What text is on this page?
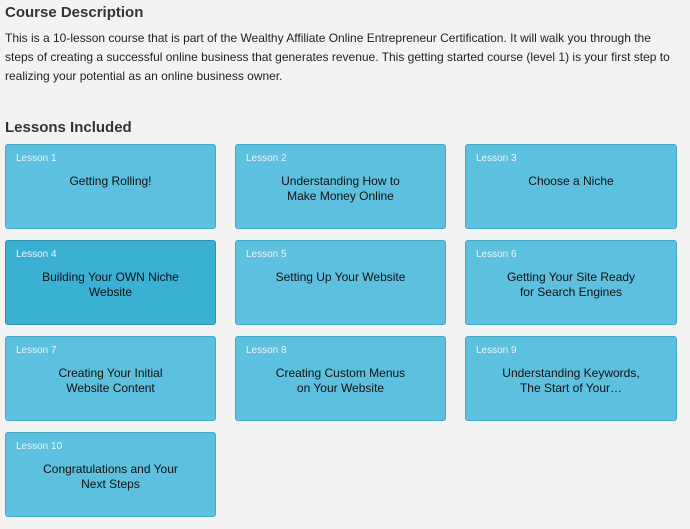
Course Description

This is a 10-lesson course that is part of the Wealthy Affiliate Online Entrepreneur Certification. It will walk you through the steps of creating a successful online business that generates revenue. This getting started course (level 1) is your first step to realizing your potential as an online business owner.

Lessons Included
Lesson 1
Getting Rolling!
Lesson 2
Understanding How to
Make Money Online
Lesson 3
Choose a Niche
Lesson 4
Building Your OWN Niche
Website
Lesson 5
Setting Up Your Website
Lesson 6
Getting Your Site Ready
for Search Engines
Lesson 7
Creating Your Initial
Website Content
Lesson 8
Creating Custom Menus
on Your Website
Lesson 9
Understanding Keywords,
The Start of Your…
Lesson 10
Congratulations and Your
Next Steps
